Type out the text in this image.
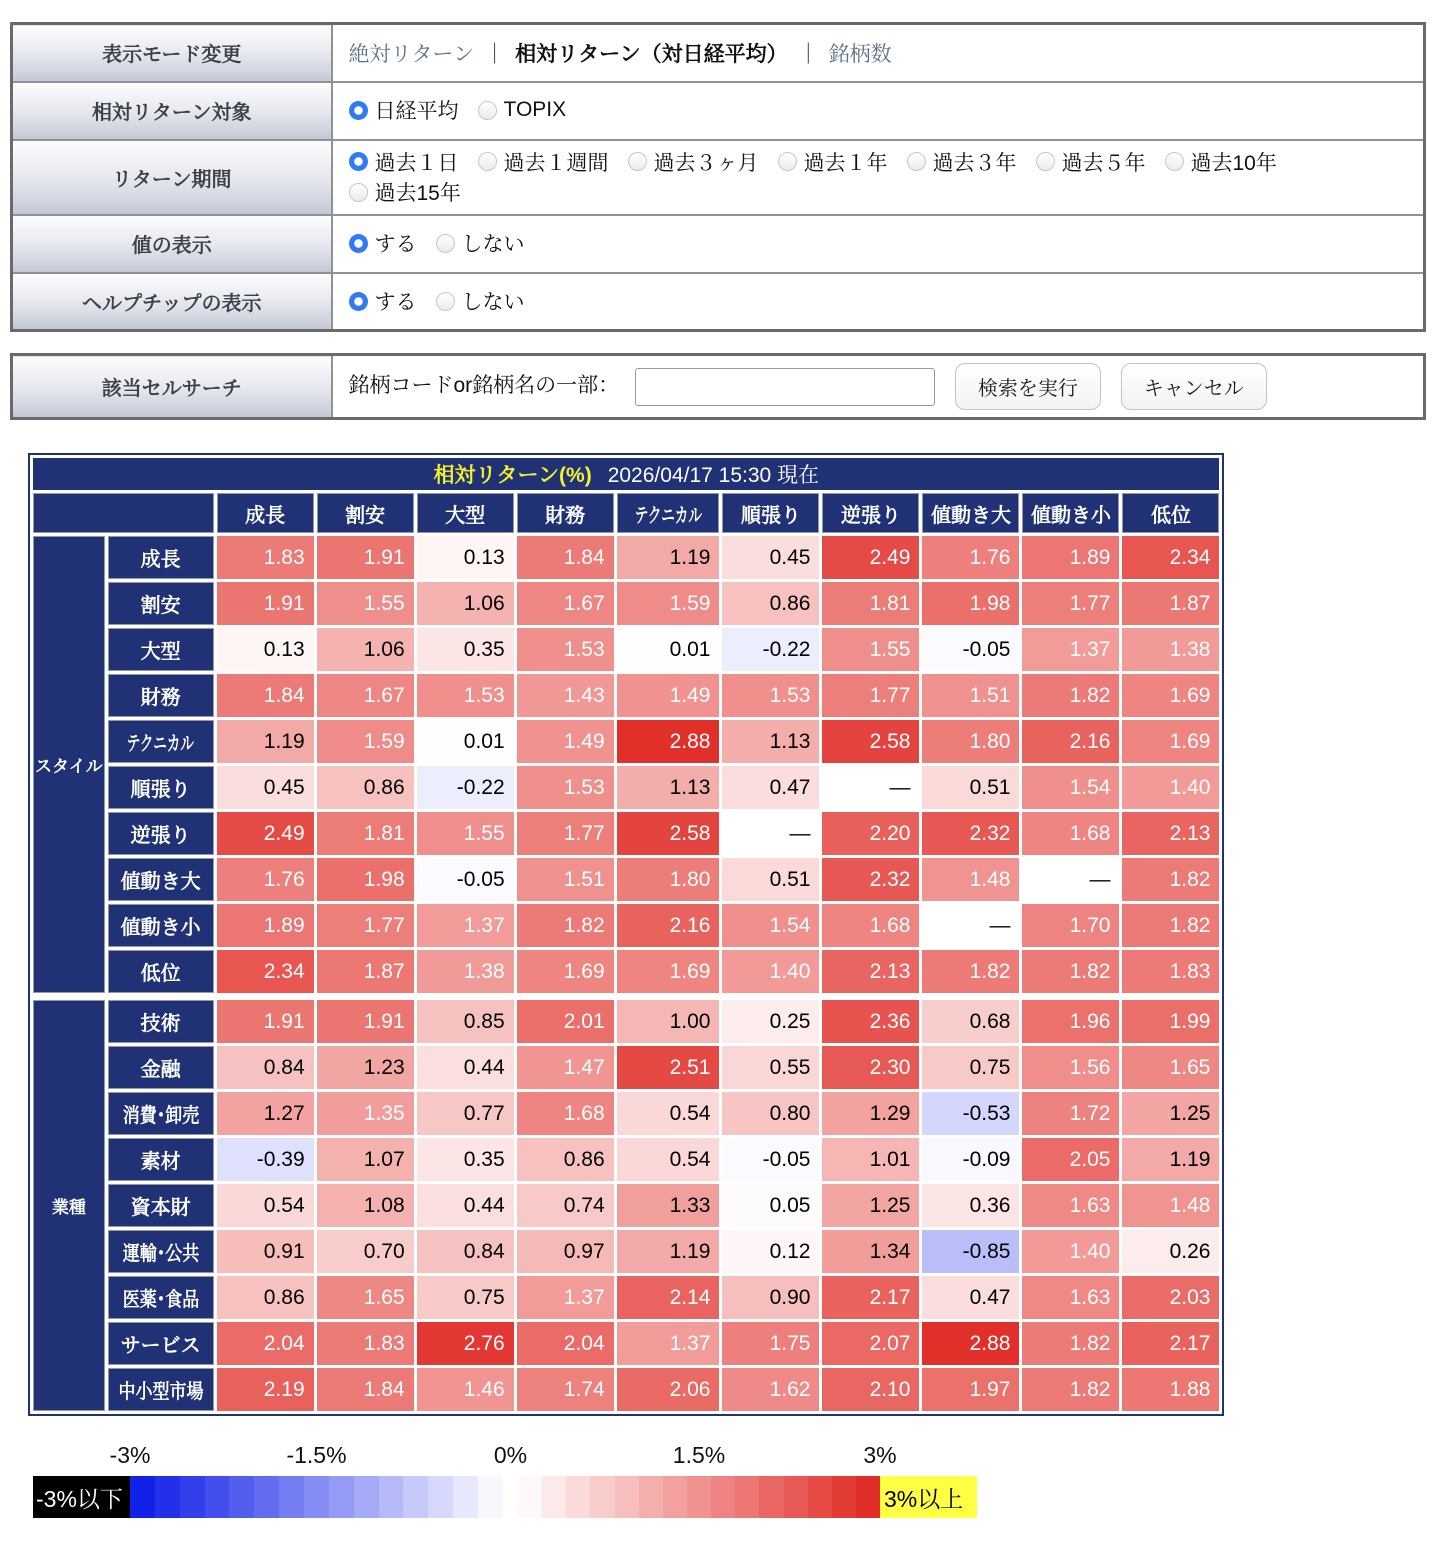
表示モード変更	絶対リターン ｜ 相対リターン（対日経平均） ｜ 銘柄数

相対リターン対象	日経平均 TOPIX

リターン期間	
過去１日 過去１週間 過去３ヶ月 過去１年 過去３年 過去５年 過去10年
過去15年

値の表示	する しない

ヘルプチップの表示	する しない
該当セルサーチ	銘柄コードor銘柄名の一部：	検索を実行	キャンセル
相対リターン(%) 2026/04/17 15:30 現在											
		成長	割安	大型	財務	テクニカル	順張り	逆張り	値動き大	値動き小	低位
スタイル	成長	1.83	1.91	0.13	1.84	1.19	0.45	2.49	1.76	1.89	2.34
	割安	1.91	1.55	1.06	1.67	1.59	0.86	1.81	1.98	1.77	1.87
	大型	0.13	1.06	0.35	1.53	0.01	-0.22	1.55	-0.05	1.37	1.38
	財務	1.84	1.67	1.53	1.43	1.49	1.53	1.77	1.51	1.82	1.69
	テクニカル	1.19	1.59	0.01	1.49	2.88	1.13	2.58	1.80	2.16	1.69
	順張り	0.45	0.86	-0.22	1.53	1.13	0.47	—	0.51	1.54	1.40
	逆張り	2.49	1.81	1.55	1.77	2.58	—	2.20	2.32	1.68	2.13
	値動き大	1.76	1.98	-0.05	1.51	1.80	0.51	2.32	1.48	—	1.82
	値動き小	1.89	1.77	1.37	1.82	2.16	1.54	1.68	—	1.70	1.82
	低位	2.34	1.87	1.38	1.69	1.69	1.40	2.13	1.82	1.82	1.83

業種	技術	1.91	1.91	0.85	2.01	1.00	0.25	2.36	0.68	1.96	1.99
	金融	0.84	1.23	0.44	1.47	2.51	0.55	2.30	0.75	1.56	1.65
	消費･卸売	1.27	1.35	0.77	1.68	0.54	0.80	1.29	-0.53	1.72	1.25
	素材	-0.39	1.07	0.35	0.86	0.54	-0.05	1.01	-0.09	2.05	1.19
	資本財	0.54	1.08	0.44	0.74	1.33	0.05	1.25	0.36	1.63	1.48
	運輸･公共	0.91	0.70	0.84	0.97	1.19	0.12	1.34	-0.85	1.40	0.26
	医薬･食品	0.86	1.65	0.75	1.37	2.14	0.90	2.17	0.47	1.63	2.03
	サービス	2.04	1.83	2.76	2.04	1.37	1.75	2.07	2.88	1.82	2.17
	中小型市場	2.19	1.84	1.46	1.74	2.06	1.62	2.10	1.97	1.82	1.88
-3%	-1.5%	0%	1.5%	3%
-3%以下	3%以上
